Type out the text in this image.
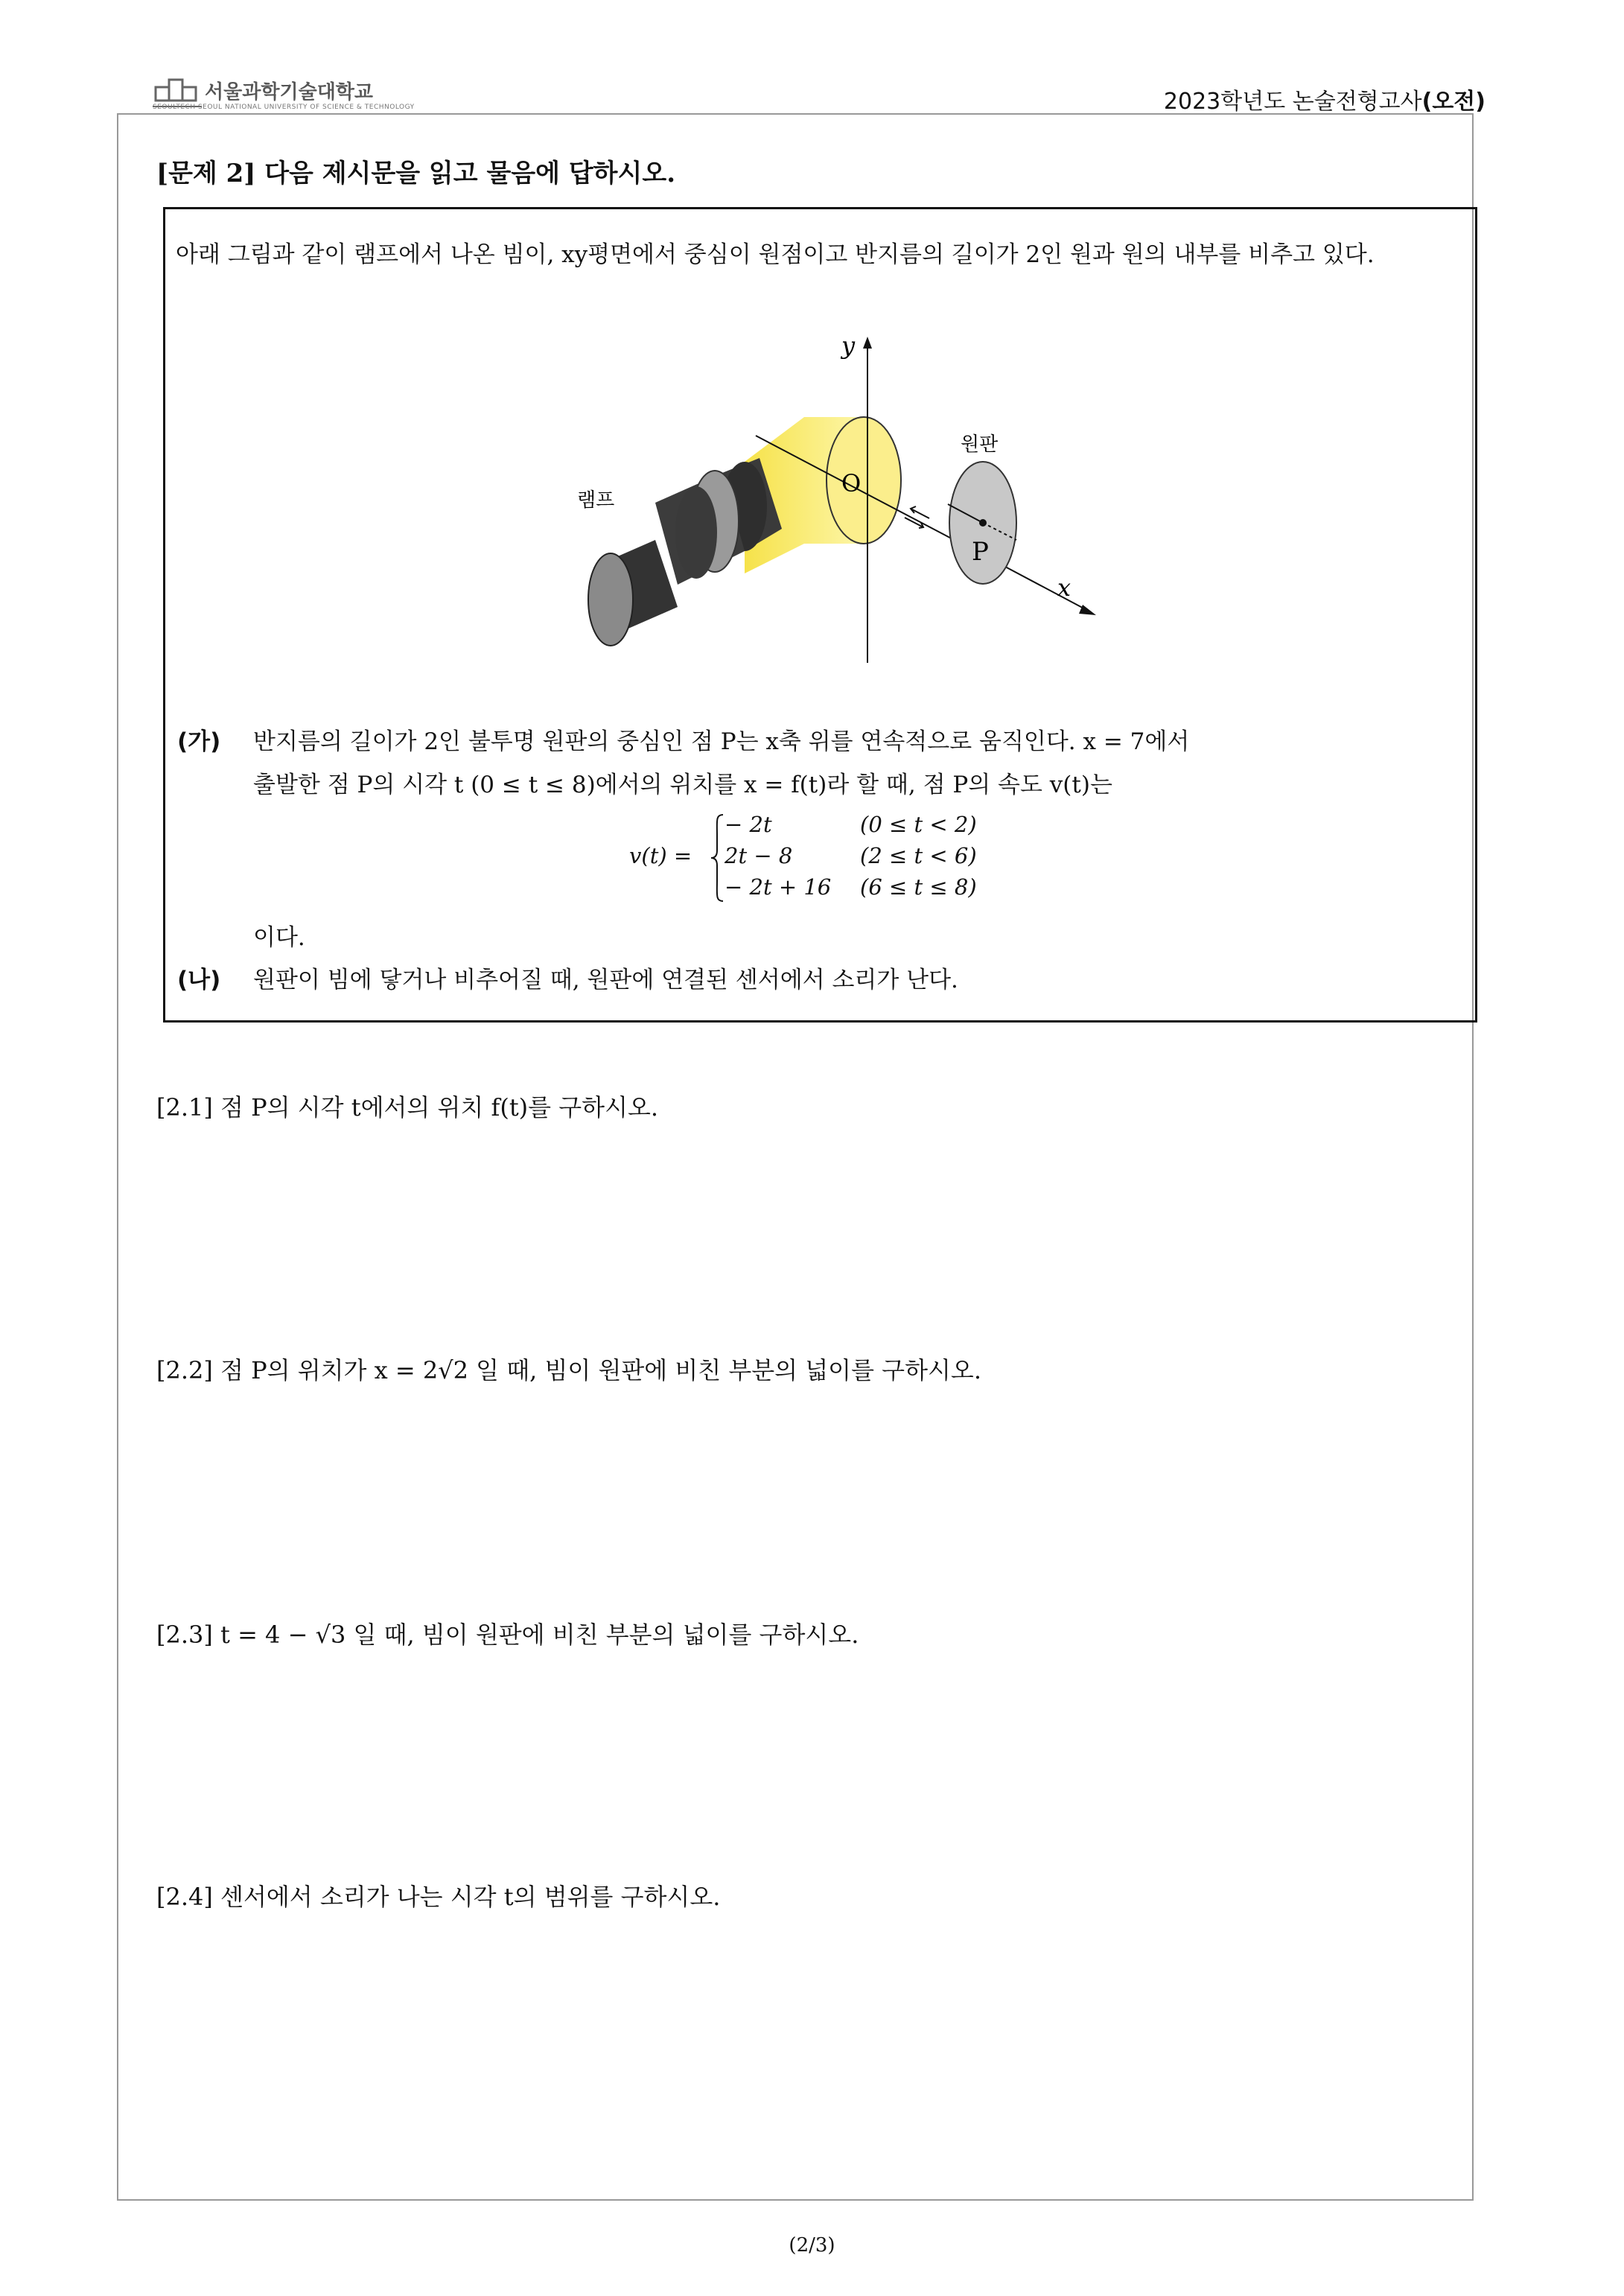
서울과학기술대학교
SEOULTECH SEOUL NATIONAL UNIVERSITY OF SCIENCE & TECHNOLOGY	2023학년도 논술전형고사(오전)
[문제 2] 다음 제시문을 읽고 물음에 답하시오.
아래 그림과 같이 램프에서 나온 빔이, xy평면에서 중심이 원점이고 반지름의 길이가 2인 원과 원의 내부를 비추고 있다.
y
x
O
P
원판
램프
(가) 반지름의 길이가 2인 불투명 원판의 중심인 점 P는 x축 위를 연속적으로 움직인다. x = 7에서
출발한 점 P의 시각 t (0 ≤ t ≤ 8)에서의 위치를 x = f(t)라 할 때, 점 P의 속도 v(t)는
v(t) =
− 2t	(0 ≤ t < 2)
2t − 8	(2 ≤ t < 6)
− 2t + 16 (6 ≤ t ≤ 8)
이다.
(나) 원판이 빔에 닿거나 비추어질 때, 원판에 연결된 센서에서 소리가 난다.
[2.1] 점 P의 시각 t에서의 위치 f(t)를 구하시오.
[2.2] 점 P의 위치가 x = 2√2 일 때, 빔이 원판에 비친 부분의 넓이를 구하시오.
[2.3] t = 4 − √3 일 때, 빔이 원판에 비친 부분의 넓이를 구하시오.
[2.4] 센서에서 소리가 나는 시각 t의 범위를 구하시오.
(2/3)
